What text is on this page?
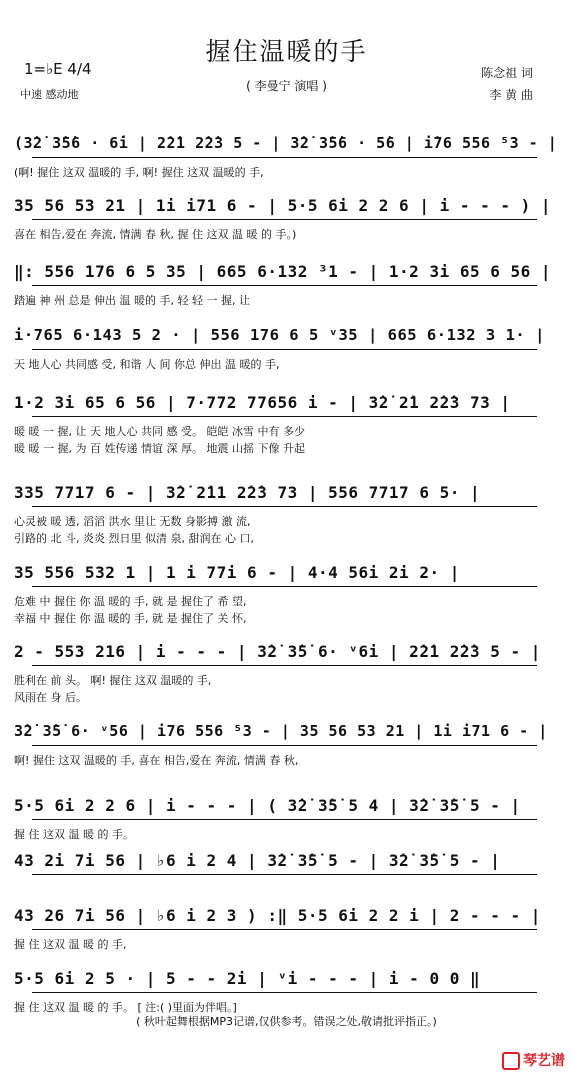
握住温暖的手
( 李曼宁 演唱 )
1=♭E 4/4
中速 感动地
陈念祖 词
李 黄 曲
(3̇2̇ 3̇5̇6 · 6̇i | 2̇2̇1 2̇2̇3 5 - | 3̇2̇ 3̇5̇6 · 5̇6 | i̇76 556 ⁵3 - |
(啊! 握住 这双 温暖的 手, 啊! 握住 这双 温暖的 手,
35 56 53 21 | 1i i71 6 - | 5·5 6i 2 2 6 | i - - - ) |
喜在 相告,爱在 奔流, 情满 春 秋, 握 住 这双 温 暖 的 手。)
‖: 556 176 6 5 35 | 665 6·132 ³1 - | 1·2 3i 65 6 56 |
踏遍 神 州 总是 伸出 温 暖的 手, 轻 轻 一 握, 让
i·765 6·143 5 2 · | 556 176 6 5 ᵛ35 | 665 6·132 3 1· |
天 地人心 共同感 受, 和谐 人 间 你总 伸出 温 暖的 手,
1·2 3i 65 6 56 | 7·772 77656 i - | 3̇2̇ 2̇1 2̇2̇3 73 |
暖 暖 一 握, 让 天 地人心 共同 感 受。 皑皑 冰雪 中有 多少
暖 暖 一 握, 为 百 姓传递 情谊 深 厚。 地震 山摇 下像 升起
335 7717 6 - | 3̇2̇ 2̇11 2̇2̇3 73 | 556 7717 6 5· |
心灵被 暖 透, 滔滔 洪水 里让 无数 身影搏 激 流,
引路的 北 斗, 炎炎 烈日里 似清 泉, 甜润在 心 口,
35 556 532 1 | 1 i 77i 6 - | 4·4 56i 2i 2· |
危难 中 握住 你 温 暖的 手, 就 是 握住了 希 望,
幸福 中 握住 你 温 暖的 手, 就 是 握住了 关 怀,
2 - 553 216 | i - - - | 3̇2̇ 3̇5̇ 6· ᵛ6i | 2̇2̇1 2̇2̇3 5 - |
胜利在 前 头。 啊! 握住 这双 温暖的 手,
风雨在 身 后。
3̇2̇ 3̇5̇ 6· ᵛ56 | i76 556 ⁵3 - | 35 56 53 21 | 1i i71 6 - |
啊! 握住 这双 温暖的 手, 喜在 相告,爱在 奔流, 情满 春 秋,
5·5 6i 2 2 6 | i - - - | ( 3̇2̇ 3̇5̇ 5 4 | 3̇2̇ 3̇5̇ 5 - |
握 住 这双 温 暖 的 手。
43 2i 7i 56 | ♭6 i 2 4 | 3̇2̇ 3̇5̇ 5 - | 3̇2̇ 3̇5̇ 5 - |
43 26 7i 56 | ♭6 i 2 3 ) :‖ 5·5 6i 2 2 i | 2 - - - |
握 住 这双 温 暖 的 手,
5·5 6i 2 5 · | 5 - - 2i | ᵛi - - - | i - 0 0 ‖
握 住 这双 温 暖 的 手。 [ 注:( )里面为伴唱。]
( 秋叶起舞根据MP3记谱,仅供参考。错误之处,敬请批评指正。)
琴艺谱
